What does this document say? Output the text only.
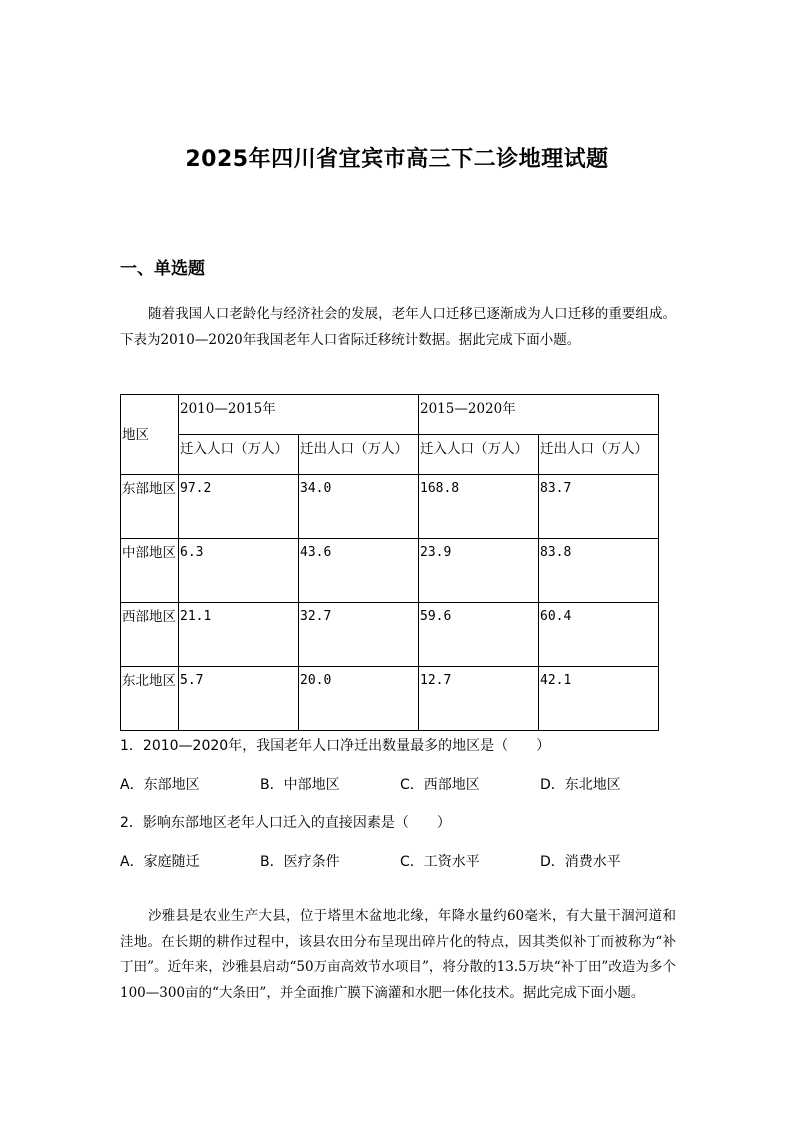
2025年四川省宜宾市高三下二诊地理试题
一、单选题

随着我国人口老龄化与经济社会的发展，老年人口迁移已逐渐成为人口迁移的重要组成。下表为2010—2020年我国老年人口省际迁移统计数据。据此完成下面小题。

地区	2010—2015年		2015—2020年	
	迁入人口（万人）	迁出人口（万人）	迁入人口（万人）	迁出人口（万人）
东部地区	97.2	34.0	168.8	83.7
中部地区	6.3	43.6	23.9	83.8
西部地区	21.1	32.7	59.6	60.4
东北地区	5.7	20.0	12.7	42.1
1．2010—2020年，我国老年人口净迁出数量最多的地区是（　　）
A．东部地区	B．中部地区	C．西部地区	D．东北地区
2．影响东部地区老年人口迁入的直接因素是（　　）
A．家庭随迁	B．医疗条件	C．工资水平	D．消费水平

沙雅县是农业生产大县，位于塔里木盆地北缘，年降水量约60毫米，有大量干涸河道和洼地。在长期的耕作过程中，该县农田分布呈现出碎片化的特点，因其类似补丁而被称为“补丁田”。近年来，沙雅县启动“50万亩高效节水项目”，将分散的13.5万块“补丁田”改造为多个100—300亩的“大条田”，并全面推广膜下滴灌和水肥一体化技术。据此完成下面小题。
